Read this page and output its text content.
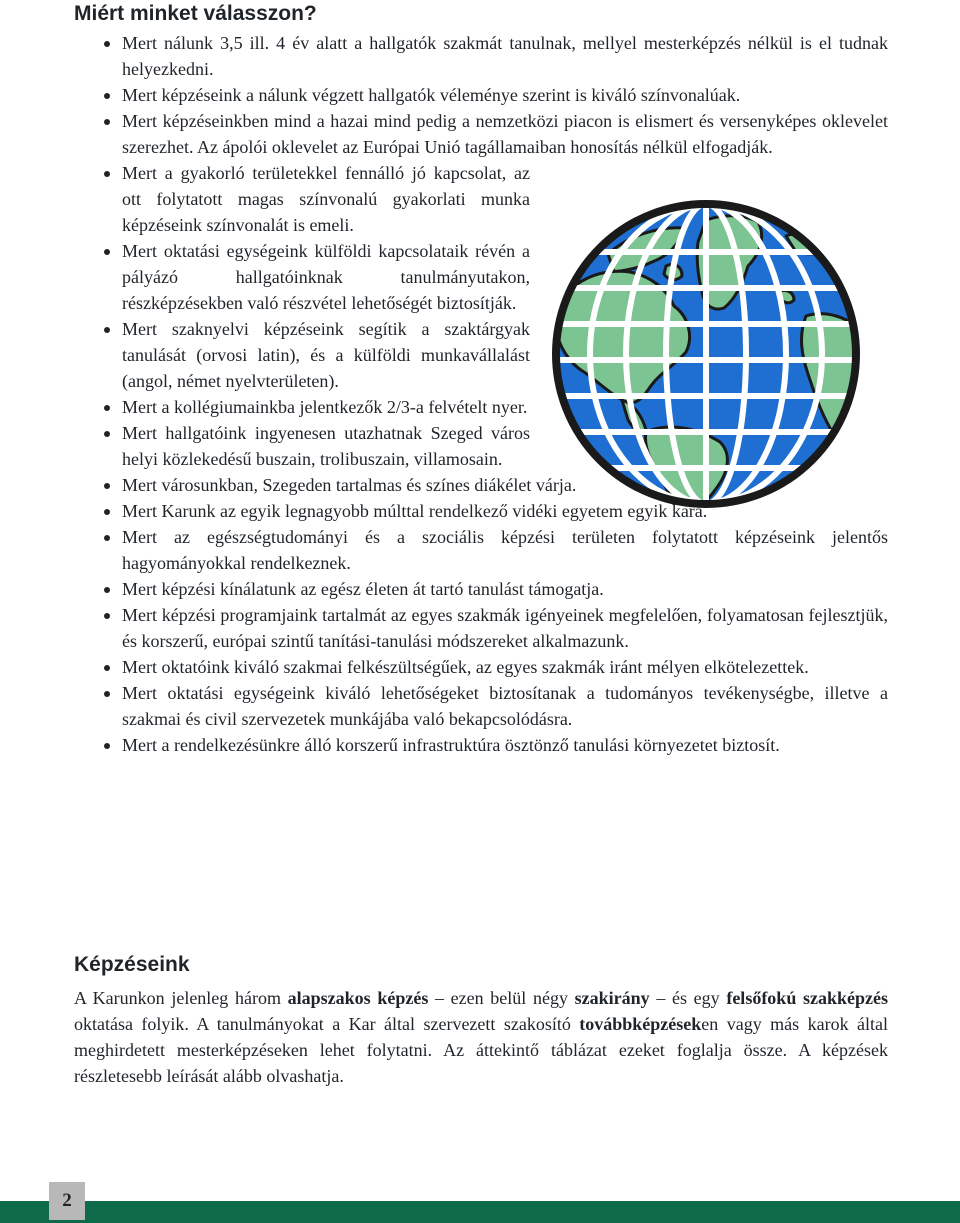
Miért minket válasszon?
Mert nálunk 3,5 ill. 4 év alatt a hallgatók szakmát tanulnak, mellyel mesterképzés nélkül is el tudnak helyezkedni.
Mert képzéseink a nálunk végzett hallgatók véleménye szerint is kiváló színvonalúak.
Mert képzéseinkben mind a hazai mind pedig a nemzetközi piacon is elismert és versenyképes oklevelet szerezhet. Az ápolói oklevelet az Európai Unió tagállamaiban honosítás nélkül elfogadják.
Mert a gyakorló területekkel fennálló jó kapcsolat, az ott folytatott magas színvonalú gyakorlati munka képzéseink színvonalát is emeli.
Mert oktatási egységeink külföldi kapcsolataik révén a pályázó hallgatóinknak tanulmányutakon, részképzésekben való részvétel lehetőségét biztosítják.
Mert szaknyelvi képzéseink segítik a szaktárgyak tanulását (orvosi latin), és a külföldi munkavállalást (angol, német nyelvterületen).
Mert a kollégiumainkba jelentkezők 2/3-a felvételt nyer.
Mert hallgatóink ingyenesen utazhatnak Szeged város helyi közlekedésű buszain, trolibuszain, villamosain.
Mert városunkban, Szegeden tartalmas és színes diákélet várja.
Mert Karunk az egyik legnagyobb múlttal rendelkező vidéki egyetem egyik kara.
Mert az egészségtudományi és a szociális képzési területen folytatott képzéseink jelentős hagyományokkal rendelkeznek.
Mert képzési kínálatunk az egész életen át tartó tanulást támogatja.
Mert képzési programjaink tartalmát az egyes szakmák igényeinek megfelelően, folyamatosan fejlesztjük, és korszerű, európai szintű tanítási-tanulási módszereket alkalmazunk.
Mert oktatóink kiváló szakmai felkészültségűek, az egyes szakmák iránt mélyen elkötelezettek.
Mert oktatási egységeink kiváló lehetőségeket biztosítanak a tudományos tevékenységbe, illetve a szakmai és civil szervezetek munkájába való bekapcsolódásra.
Mert a rendelkezésünkre álló korszerű infrastruktúra ösztönző tanulási környezetet biztosít.
Képzéseink

A Karunkon jelenleg három alapszakos képzés – ezen belül négy szakirány – és egy felsőfokú szakképzés oktatása folyik. A tanulmányokat a Kar által szervezett szakosító továbbképzéseken vagy más karok által meghirdetett mesterképzéseken lehet folytatni. Az áttekintő táblázat ezeket foglalja össze. A képzések részletesebb leírását alább olvashatja.

2
